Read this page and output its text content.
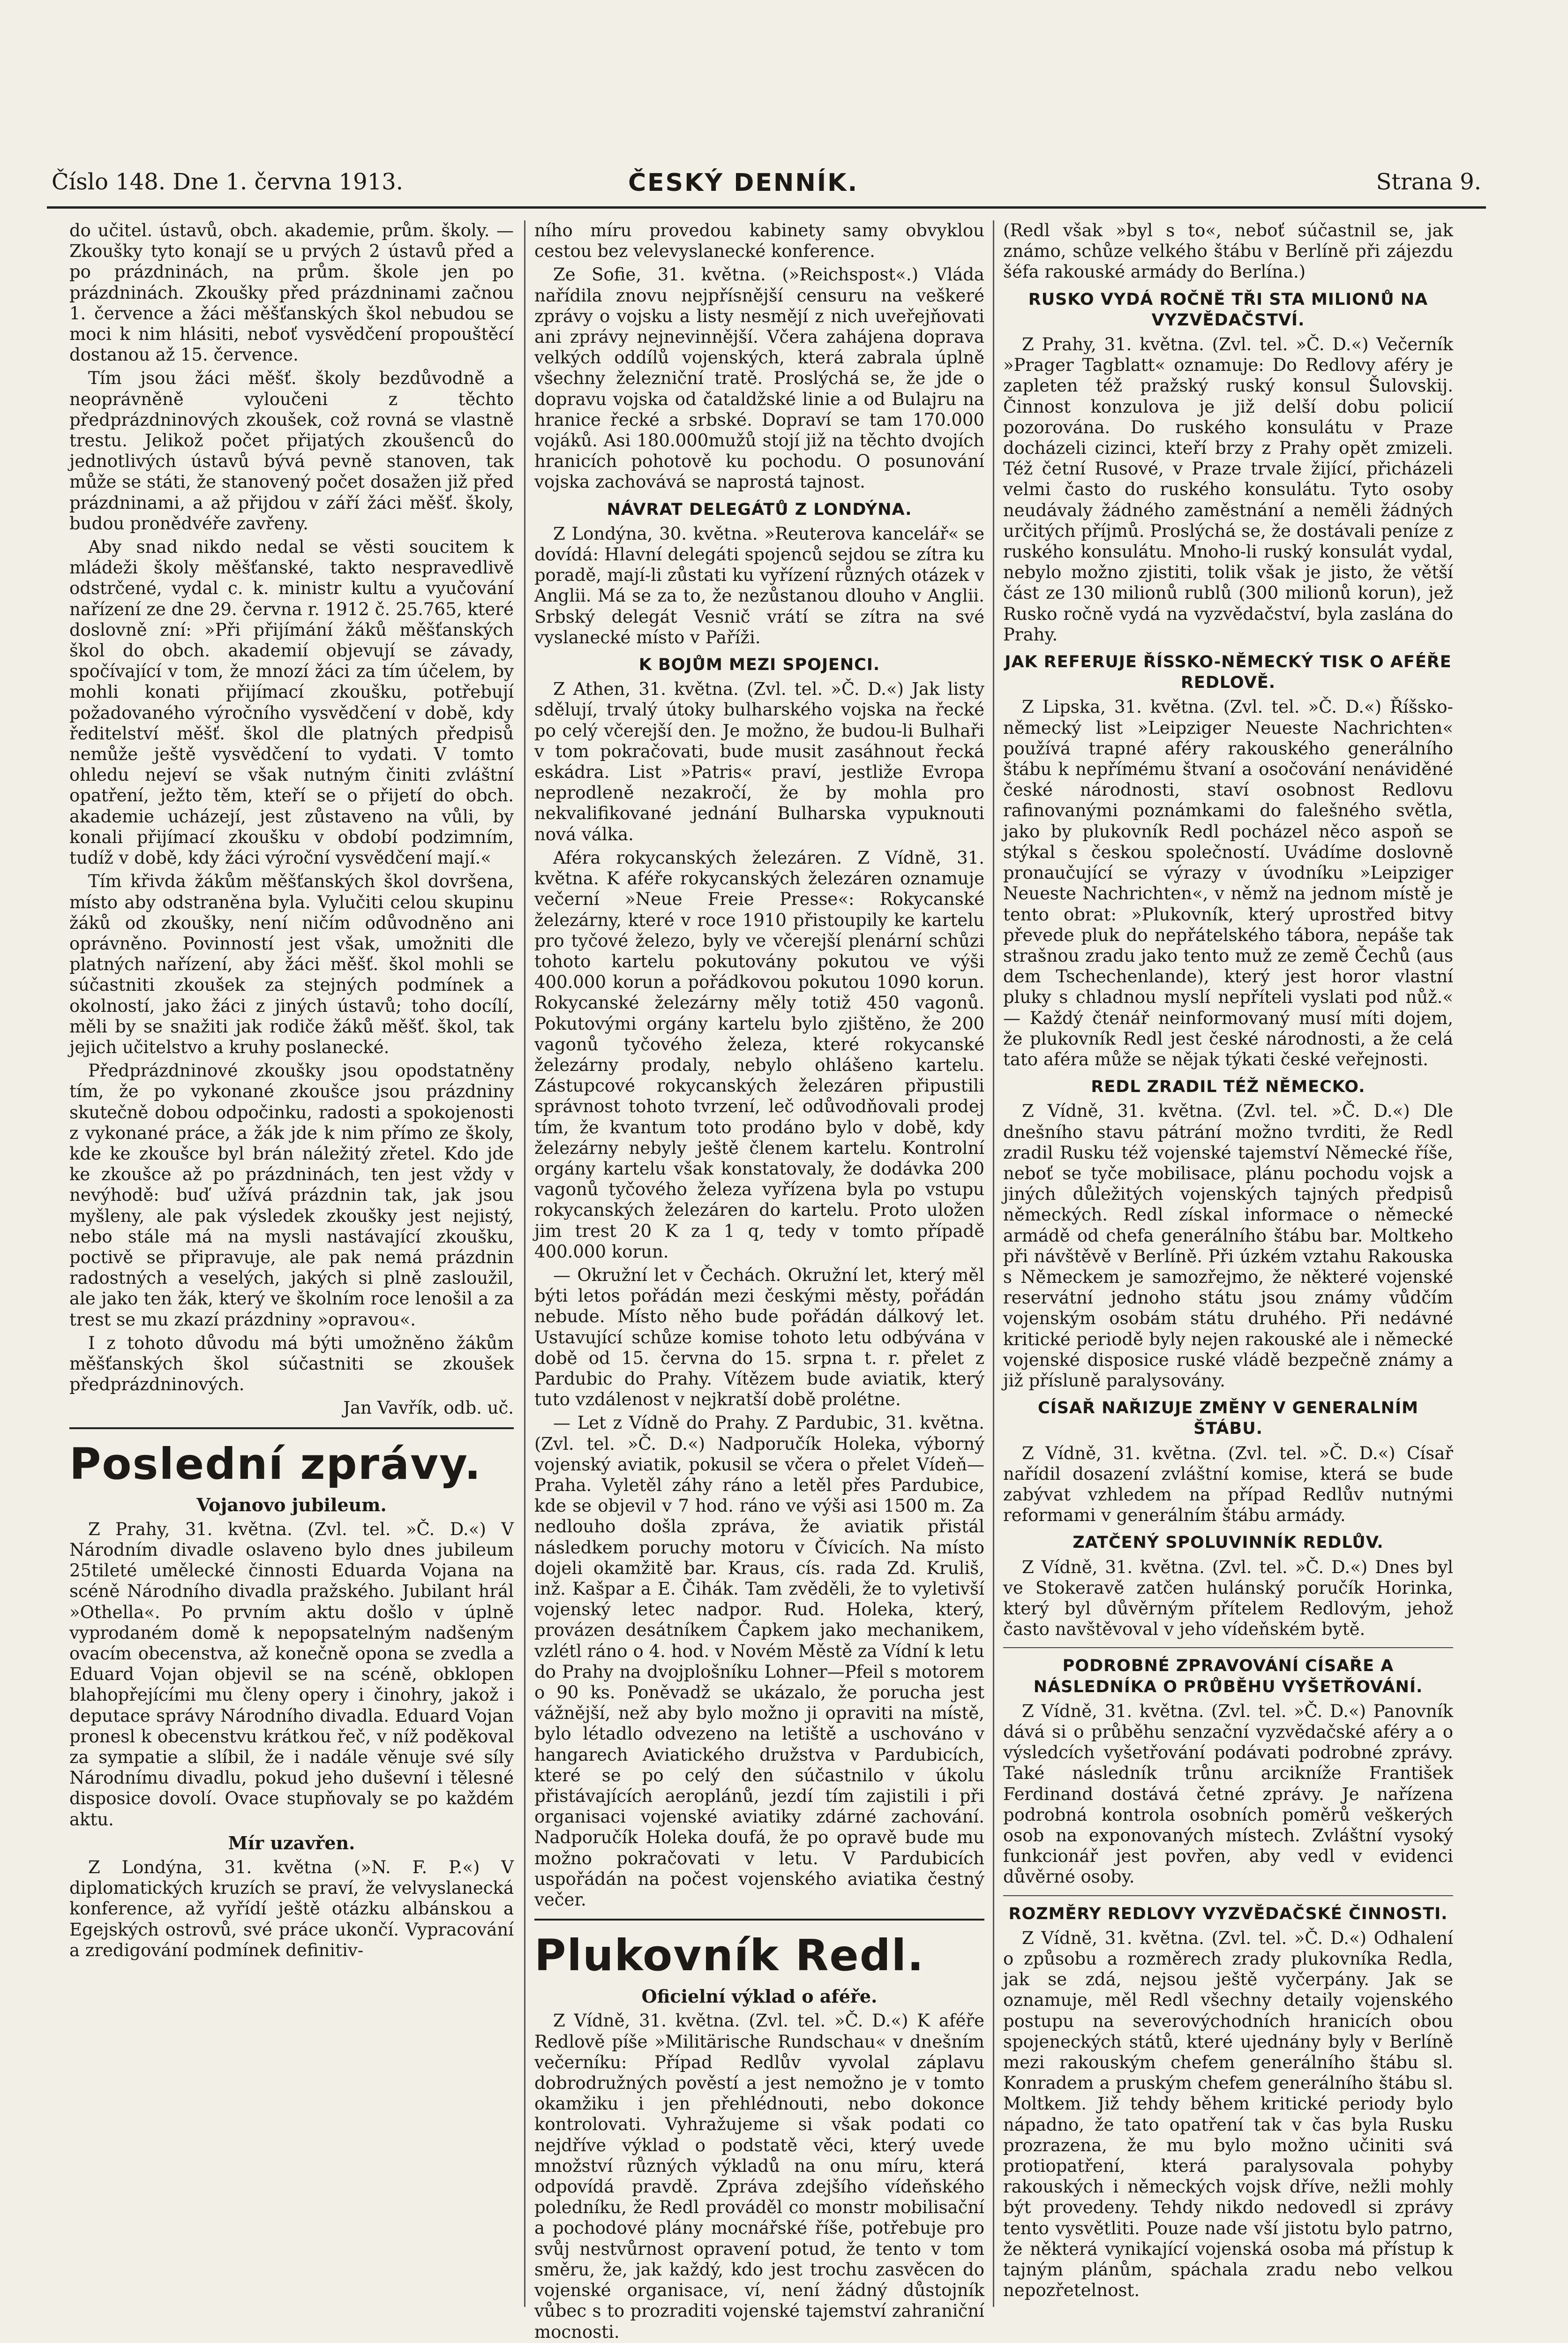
Číslo 148. Dne 1. června 1913.	ČESKÝ DENNÍK.	Strana 9.

do učitel. ústavů, obch. akademie, prům. školy. — Zkoušky tyto konají se u prvých 2 ústavů před a po prázdninách, na prům. škole jen po prázdninách. Zkoušky před prázdninami začnou 1. července a žáci měšťanských škol nebudou se moci k nim hlásiti, neboť vysvědčení propouštěcí dostanou až 15. července.

Tím jsou žáci měšť. školy bezdůvodně a neoprávněně vyloučeni z těchto předprázdninových zkoušek, což rovná se vlastně trestu. Jelikož počet přijatých zkoušenců do jednotlivých ústavů bývá pevně stanoven, tak může se státi, že stanovený počet dosažen již před prázdninami, a až přijdou v září žáci měšť. školy, budou pronědvéře zavřeny.

Aby snad nikdo nedal se věsti soucitem k mládeži školy měšťanské, takto nespravedlivě odstrčené, vydal c. k. ministr kultu a vyučování nařízení ze dne 29. června r. 1912 č. 25.765, které doslovně zní: »Při přijímání žáků měšťanských škol do obch. akademií objevují se závady, spočívající v tom, že mnozí žáci za tím účelem, by mohli konati přijímací zkoušku, potřebují požadovaného výročního vysvědčení v době, kdy ředitelství měšť. škol dle platných předpisů nemůže ještě vysvědčení to vydati. V tomto ohledu nejeví se však nutným činiti zvláštní opatření, ježto těm, kteří se o přijetí do obch. akademie ucházejí, jest zůstaveno na vůli, by konali přijímací zkoušku v období podzimním, tudíž v době, kdy žáci výroční vysvědčení mají.«

Tím křivda žákům měšťanských škol dovršena, místo aby odstraněna byla. Vylučiti celou skupinu žáků od zkoušky, není ničím odůvodněno ani oprávněno. Povinností jest však, umožniti dle platných nařízení, aby žáci měšť. škol mohli se súčastniti zkoušek za stejných podmínek a okolností, jako žáci z jiných ústavů; toho docílí, měli by se snažiti jak rodiče žáků měšť. škol, tak jejich učitelstvo a kruhy poslanecké.

Předprázdninové zkoušky jsou opodstatněny tím, že po vykonané zkoušce jsou prázdniny skutečně dobou odpočinku, radosti a spokojenosti z vykonané práce, a žák jde k nim přímo ze školy, kde ke zkoušce byl brán náležitý zřetel. Kdo jde ke zkoušce až po prázdninách, ten jest vždy v nevýhodě: buď užívá prázdnin tak, jak jsou myšleny, ale pak výsledek zkoušky jest nejistý, nebo stále má na mysli nastávající zkoušku, poctivě se připravuje, ale pak nemá prázdnin radostných a veselých, jakých si plně zasloužil, ale jako ten žák, který ve školním roce lenošil a za trest se mu zkazí prázdniny »opravou«.

I z tohoto důvodu má býti umožněno žákům měšťanských škol súčastniti se zkoušek předprázdninových.

Jan Vavřík, odb. uč.

Poslední zprávy.
Vojanovo jubileum.

Z Prahy, 31. května. (Zvl. tel. »Č. D.«) V Národním divadle oslaveno bylo dnes jubileum 25tileté umělecké činnosti Eduarda Vojana na scéně Národního divadla pražského. Jubilant hrál »Othella«. Po prvním aktu došlo v úplně vyprodaném domě k nepopsatelným nadšeným ovacím obecenstva, až konečně opona se zvedla a Eduard Vojan objevil se na scéně, obklopen blahopřejícími mu členy opery i činohry, jakož i deputace správy Národního divadla. Eduard Vojan pronesl k obecenstvu krátkou řeč, v níž poděkoval za sympatie a slíbil, že i nadále věnuje své síly Národnímu divadlu, pokud jeho duševní i tělesné disposice dovolí. Ovace stupňovaly se po každém aktu.

Mír uzavřen.

Z Londýna, 31. května (»N. F. P.«) V diplomatických kruzích se praví, že velvyslanecká konference, až vyřídí ještě otázku albánskou a Egejských ostrovů, své práce ukončí. Vypracování a zredigování podmínek definitiv-

ního míru provedou kabinety samy obvyklou cestou bez velevyslanecké konference.

Ze Sofie, 31. května. (»Reichspost«.) Vláda nařídila znovu nejpřísnější censuru na veškeré zprávy o vojsku a listy nesmějí z nich uveřejňovati ani zprávy nejnevinnější. Včera zahájena doprava velkých oddílů vojenských, která zabrala úplně všechny železniční tratě. Proslýchá se, že jde o dopravu vojska od čataldžské linie a od Bulajru na hranice řecké a srbské. Dopraví se tam 170.000 vojáků. Asi 180.000mužů stojí již na těchto dvojích hranicích pohotově ku pochodu. O posunování vojska zachovává se naprostá tajnost.

NÁVRAT DELEGÁTŮ Z LONDÝNA.

Z Londýna, 30. května. »Reuterova kancelář« se dovídá: Hlavní delegáti spojenců sejdou se zítra ku poradě, mají-li zůstati ku vyřízení různých otázek v Anglii. Má se za to, že nezůstanou dlouho v Anglii. Srbský delegát Vesnič vrátí se zítra na své vyslanecké místo v Paříži.

K BOJŮM MEZI SPOJENCI.

Z Athen, 31. května. (Zvl. tel. »Č. D.«) Jak listy sdělují, trvalý útoky bulharského vojska na řecké po celý včerejší den. Je možno, že budou-li Bulhaři v tom pokračovati, bude musit zasáhnout řecká eskádra. List »Patris« praví, jestliže Evropa neprodleně nezakročí, že by mohla pro nekvalifikované jednání Bulharska vypuknouti nová válka.

Aféra rokycanských železáren. Z Vídně, 31. května. K aféře rokycanských železáren oznamuje večerní »Neue Freie Presse«: Rokycanské železárny, které v roce 1910 přistoupily ke kartelu pro tyčové železo, byly ve včerejší plenární schůzi tohoto kartelu pokutovány pokutou ve výši 400.000 korun a pořádkovou pokutou 1090 korun. Rokycanské železárny měly totiž 450 vagonů. Pokutovými orgány kartelu bylo zjištěno, že 200 vagonů tyčového železa, které rokycanské železárny prodaly, nebylo ohlášeno kartelu. Zástupcové rokycanských železáren připustili správnost tohoto tvrzení, leč odůvodňovali prodej tím, že kvantum toto prodáno bylo v době, kdy železárny nebyly ještě členem kartelu. Kontrolní orgány kartelu však konstatovaly, že dodávka 200 vagonů tyčového železa vyřízena byla po vstupu rokycanských železáren do kartelu. Proto uložen jim trest 20 K za 1 q, tedy v tomto případě 400.000 korun.

— Okružní let v Čechách. Okružní let, který měl býti letos pořádán mezi českými městy, pořádán nebude. Místo něho bude pořádán dálkový let. Ustavující schůze komise tohoto letu odbývána v době od 15. června do 15. srpna t. r. přelet z Pardubic do Prahy. Vítězem bude aviatik, který tuto vzdálenost v nejkratší době prolétne.

— Let z Vídně do Prahy. Z Pardubic, 31. května. (Zvl. tel. »Č. D.«) Nadporučík Holeka, výborný vojenský aviatik, pokusil se včera o přelet Vídeň—Praha. Vyletěl záhy ráno a letěl přes Pardubice, kde se objevil v 7 hod. ráno ve výši asi 1500 m. Za nedlouho došla zpráva, že aviatik přistál následkem poruchy motoru v Čívicích. Na místo dojeli okamžitě bar. Kraus, cís. rada Zd. Kruliš, inž. Kašpar a E. Čihák. Tam zvěděli, že to vyletivší vojenský letec nadpor. Rud. Holeka, který, provázen desátníkem Čapkem jako mechanikem, vzlétl ráno o 4. hod. v Novém Městě za Vídní k letu do Prahy na dvojplošníku Lohner—Pfeil s motorem o 90 ks. Poněvadž se ukázalo, že porucha jest vážnější, než aby bylo možno ji opraviti na místě, bylo létadlo odvezeno na letiště a uschováno v hangarech Aviatického družstva v Pardubicích, které se po celý den súčastnilo v úkolu přistávajících aeroplánů, jezdí tím zajistili i při organisaci vojenské aviatiky zdárné zachování. Nadporučík Holeka doufá, že po opravě bude mu možno pokračovati v letu. V Pardubicích uspořádán na počest vojenského aviatika čestný večer.

Plukovník Redl.
Oficielní výklad o aféře.

Z Vídně, 31. května. (Zvl. tel. »Č. D.«) K aféře Redlově píše »Militärische Rundschau« v dnešním večerníku: Případ Redlův vyvolal záplavu dobrodružných pověstí a jest nemožno je v tomto okamžiku i jen přehlédnouti, nebo dokonce kontrolovati. Vyhražujeme si však podati co nejdříve výklad o podstatě věci, který uvede množství různých výkladů na onu míru, která odpovídá pravdě. Zpráva zdejšího vídeňského poledníku, že Redl prováděl co monstr mobilisační a pochodové plány mocnářské říše, potřebuje pro svůj nestvůrnost opravení potud, že tento v tom směru, že, jak každý, kdo jest trochu zasvěcen do vojenské organisace, ví, není žádný důstojník vůbec s to prozraditi vojenské tajemství zahraniční mocnosti.

(Redl však »byl s to«, neboť súčastnil se, jak známo, schůze velkého štábu v Berlíně při zájezdu šéfa rakouské armády do Berlína.)

RUSKO VYDÁ ROČNĚ TŘI STA MILIONŮ NA VYZVĚDAČSTVÍ.

Z Prahy, 31. května. (Zvl. tel. »Č. D.«) Večerník »Prager Tagblatt« oznamuje: Do Redlovy aféry je zapleten též pražský ruský konsul Šulovskij. Činnost konzulova je již delší dobu policií pozorována. Do ruského konsulátu v Praze docházeli cizinci, kteří brzy z Prahy opět zmizeli. Též četní Rusové, v Praze trvale žijící, přicházeli velmi často do ruského konsulátu. Tyto osoby neudávaly žádného zaměstnání a neměli žádných určitých příjmů. Proslýchá se, že dostávali peníze z ruského konsulátu. Mnoho-li ruský konsulát vydal, nebylo možno zjistiti, tolik však je jisto, že větší část ze 130 milionů rublů (300 milionů korun), jež Rusko ročně vydá na vyzvědačství, byla zaslána do Prahy.

JAK REFERUJE ŘÍSSKO-NĚMECKÝ TISK O AFÉŘE REDLOVĚ.

Z Lipska, 31. května. (Zvl. tel. »Č. D.«) Říšsko-německý list »Leipziger Neueste Nachrichten« používá trapné aféry rakouského generálního štábu k nepřímému štvaní a osočování nenáviděné české národnosti, staví osobnost Redlovu rafinovanými poznámkami do falešného světla, jako by plukovník Redl pocházel něco aspoň se stýkal s českou společností. Uvádíme doslovně pronaučující se výrazy v úvodníku »Leipziger Neueste Nachrichten«, v němž na jednom místě je tento obrat: »Plukovník, který uprostřed bitvy převede pluk do nepřátelského tábora, nepáše tak strašnou zradu jako tento muž ze země Čechů (aus dem Tschechenlande), který jest horor vlastní pluky s chladnou myslí nepříteli vyslati pod nůž.« — Každý čtenář neinformovaný musí míti dojem, že plukovník Redl jest české národnosti, a že celá tato aféra může se nějak týkati české veřejnosti.

REDL ZRADIL TÉŽ NĚMECKO.

Z Vídně, 31. května. (Zvl. tel. »Č. D.«) Dle dnešního stavu pátrání možno tvrditi, že Redl zradil Rusku též vojenské tajemství Německé říše, neboť se tyče mobilisace, plánu pochodu vojsk a jiných důležitých vojenských tajných předpisů německých. Redl získal informace o německé armádě od chefa generálního štábu bar. Moltkeho při návštěvě v Berlíně. Při úzkém vztahu Rakouska s Německem je samozřejmo, že některé vojenské reservátní jednoho státu jsou známy vůdčím vojenským osobám státu druhého. Při nedávné kritické periodě byly nejen rakouské ale i německé vojenské disposice ruské vládě bezpečně známy a již přísluně paralysovány.

CÍSAŘ NAŘIZUJE ZMĚNY V GENERALNÍM ŠTÁBU.

Z Vídně, 31. května. (Zvl. tel. »Č. D.«) Císař nařídil dosazení zvláštní komise, která se bude zabývat vzhledem na případ Redlův nutnými reformami v generálním štábu armády.

ZATČENÝ SPOLUVINNÍK REDLŮV.

Z Vídně, 31. května. (Zvl. tel. »Č. D.«) Dnes byl ve Stokeravě zatčen hulánský poručík Horinka, který byl důvěrným přítelem Redlovým, jehož často navštěvoval v jeho vídeňském bytě.

PODROBNÉ ZPRAVOVÁNÍ CÍSAŘE A NÁSLEDNÍKA O PRŮBĚHU VYŠETŘOVÁNÍ.

Z Vídně, 31. května. (Zvl. tel. »Č. D.«) Panovník dává si o průběhu senzační vyzvědačské aféry a o výsledcích vyšetřování podávati podrobné zprávy. Také následník trůnu arcikníže František Ferdinand dostává četné zprávy. Je nařízena podrobná kontrola osobních poměrů veškerých osob na exponovaných místech. Zvláštní vysoký funkcionář jest povřen, aby vedl v evidenci důvěrné osoby.

ROZMĚRY REDLOVY VYZVĚDAČSKÉ ČINNOSTI.

Z Vídně, 31. května. (Zvl. tel. »Č. D.«) Odhalení o způsobu a rozměrech zrady plukovníka Redla, jak se zdá, nejsou ještě vyčerpány. Jak se oznamuje, měl Redl všechny detaily vojenského postupu na severovýchodních hranicích obou spojeneckých států, které ujednány byly v Berlíně mezi rakouským chefem generálního štábu sl. Konradem a pruským chefem generálního štábu sl. Moltkem. Již tehdy během kritické periody bylo nápadno, že tato opatření tak v čas byla Rusku prozrazena, že mu bylo možno učiniti svá protiopatření, která paralysovala pohyby rakouských i německých vojsk dříve, nežli mohly být provedeny. Tehdy nikdo nedovedl si zprávy tento vysvětliti. Pouze nade vší jistotu bylo patrno, že některá vynikající vojenská osoba má přístup k tajným plánům, spáchala zradu nebo velkou nepozřetelnost.
